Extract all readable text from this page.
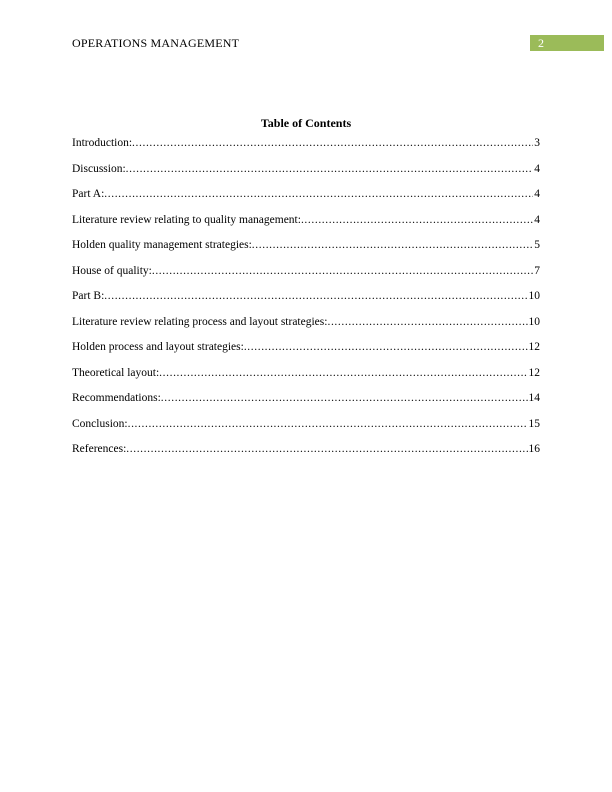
OPERATIONS MANAGEMENT	2
Table of Contents
Introduction: .....	3
Discussion: .....	4
Part A: .....	4
Literature review relating to quality management: .....	4
Holden quality management strategies: .....	5
House of quality: .....	7
Part B: .....	10
Literature review relating process and layout strategies: .....	10
Holden process and layout strategies: .....	12
Theoretical layout: .....	12
Recommendations: .....	14
Conclusion: .....	15
References: .....	16
